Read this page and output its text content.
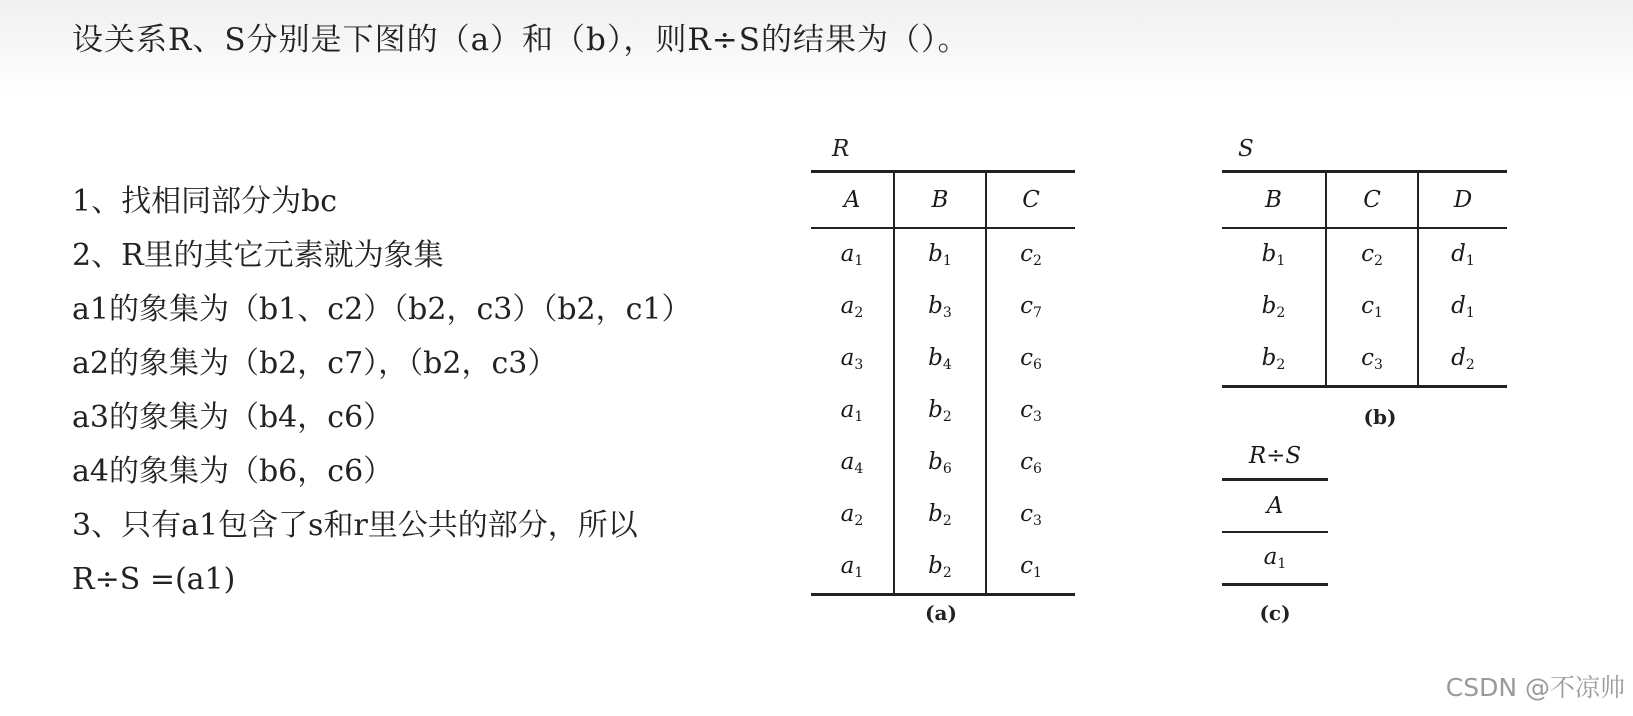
设关系R、S分别是下图的（a）和（b），则R÷S的结果为（）。
1、找相同部分为bc
2、R里的其它元素就为象集
a1的象集为（b1、c2）（b2，c3）（b2，c1）
a2的象集为（b2，c7），（b2，c3）
a3的象集为（b4，c6）
a4的象集为（b6，c6）
3、只有a1包含了s和r里公共的部分，所以
R÷S =(a1)
R
A	B	C
$a_1$	$b_1$	$c_2$
$a_2$	$b_3$	$c_7$
$a_3$	$b_4$	$c_6$
$a_1$	$b_2$	$c_3$
$a_4$	$b_6$	$c_6$
$a_2$	$b_2$	$c_3$
$a_1$	$b_2$	$c_1$
(a)
S
B	C	D
$b_1$	$c_2$	$d_1$
$b_2$	$c_1$	$d_1$
$b_2$	$c_3$	$d_2$
(b)
R÷S
A
$a_1$
(c)
CSDN @不凉帅
